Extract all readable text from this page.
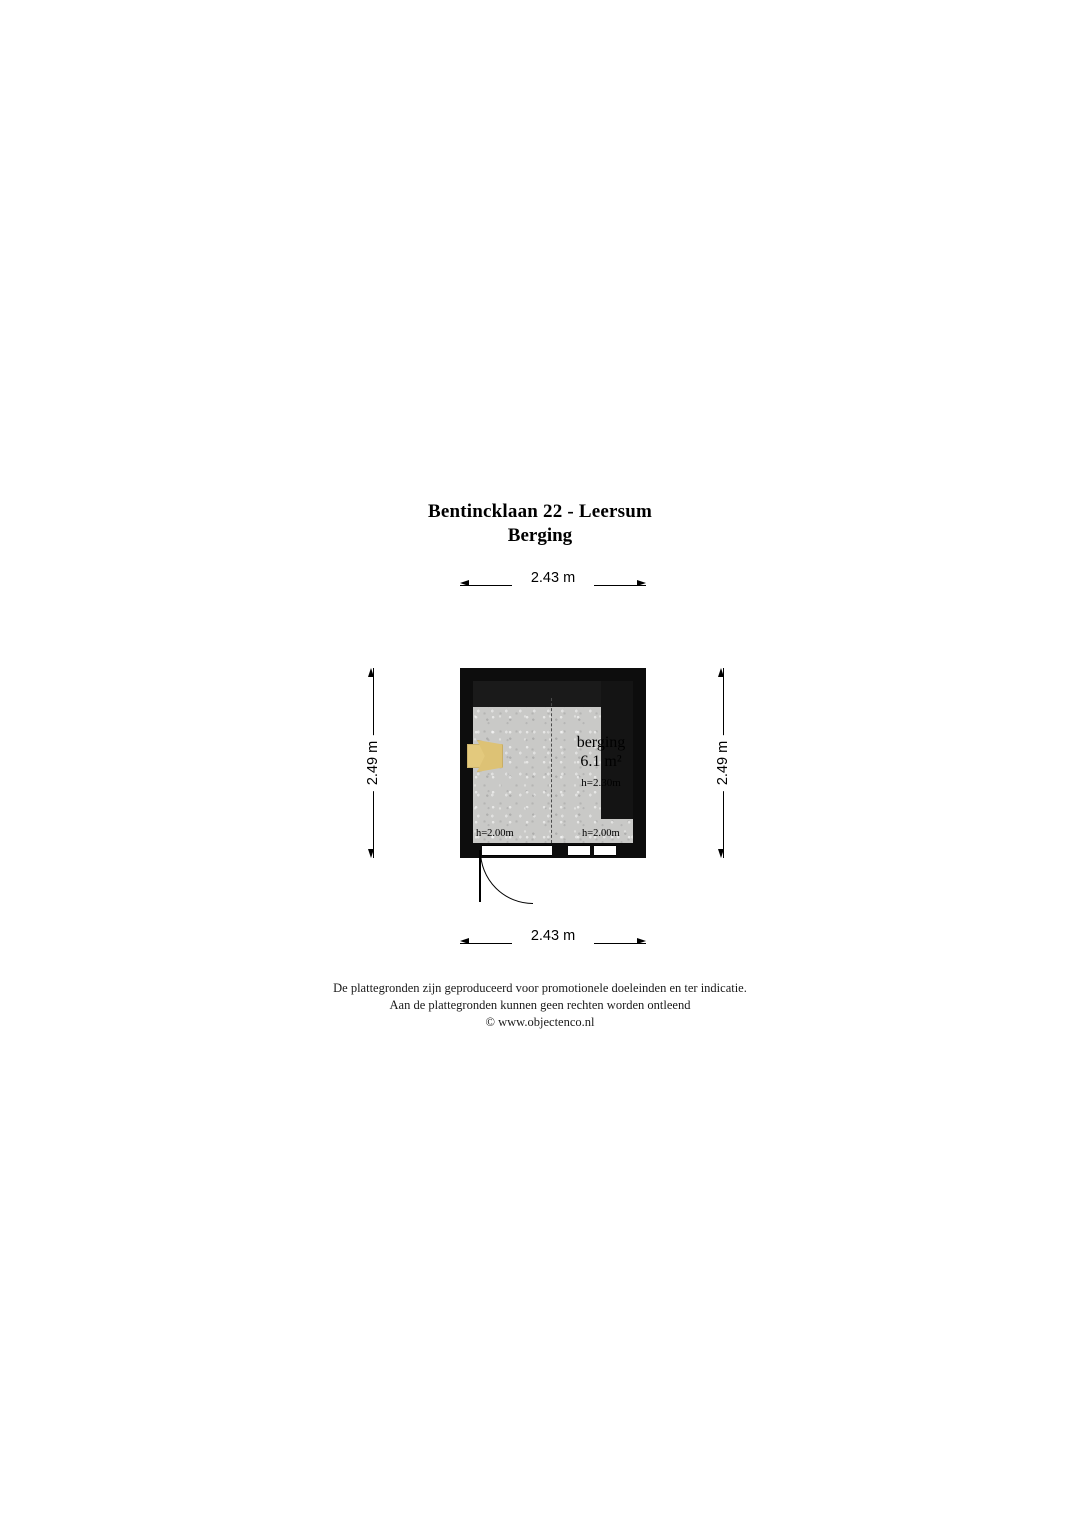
Bentincklaan 22 - Leersum
Berging
2.43 m
2.49 m	2.49 m
berging
6.1 m²
h=2.30m
h=2.00m	h=2.00m
2.43 m
De plattegronden zijn geproduceerd voor promotionele doeleinden en ter indicatie.
Aan de plattegronden kunnen geen rechten worden ontleend
© www.objectenco.nl
